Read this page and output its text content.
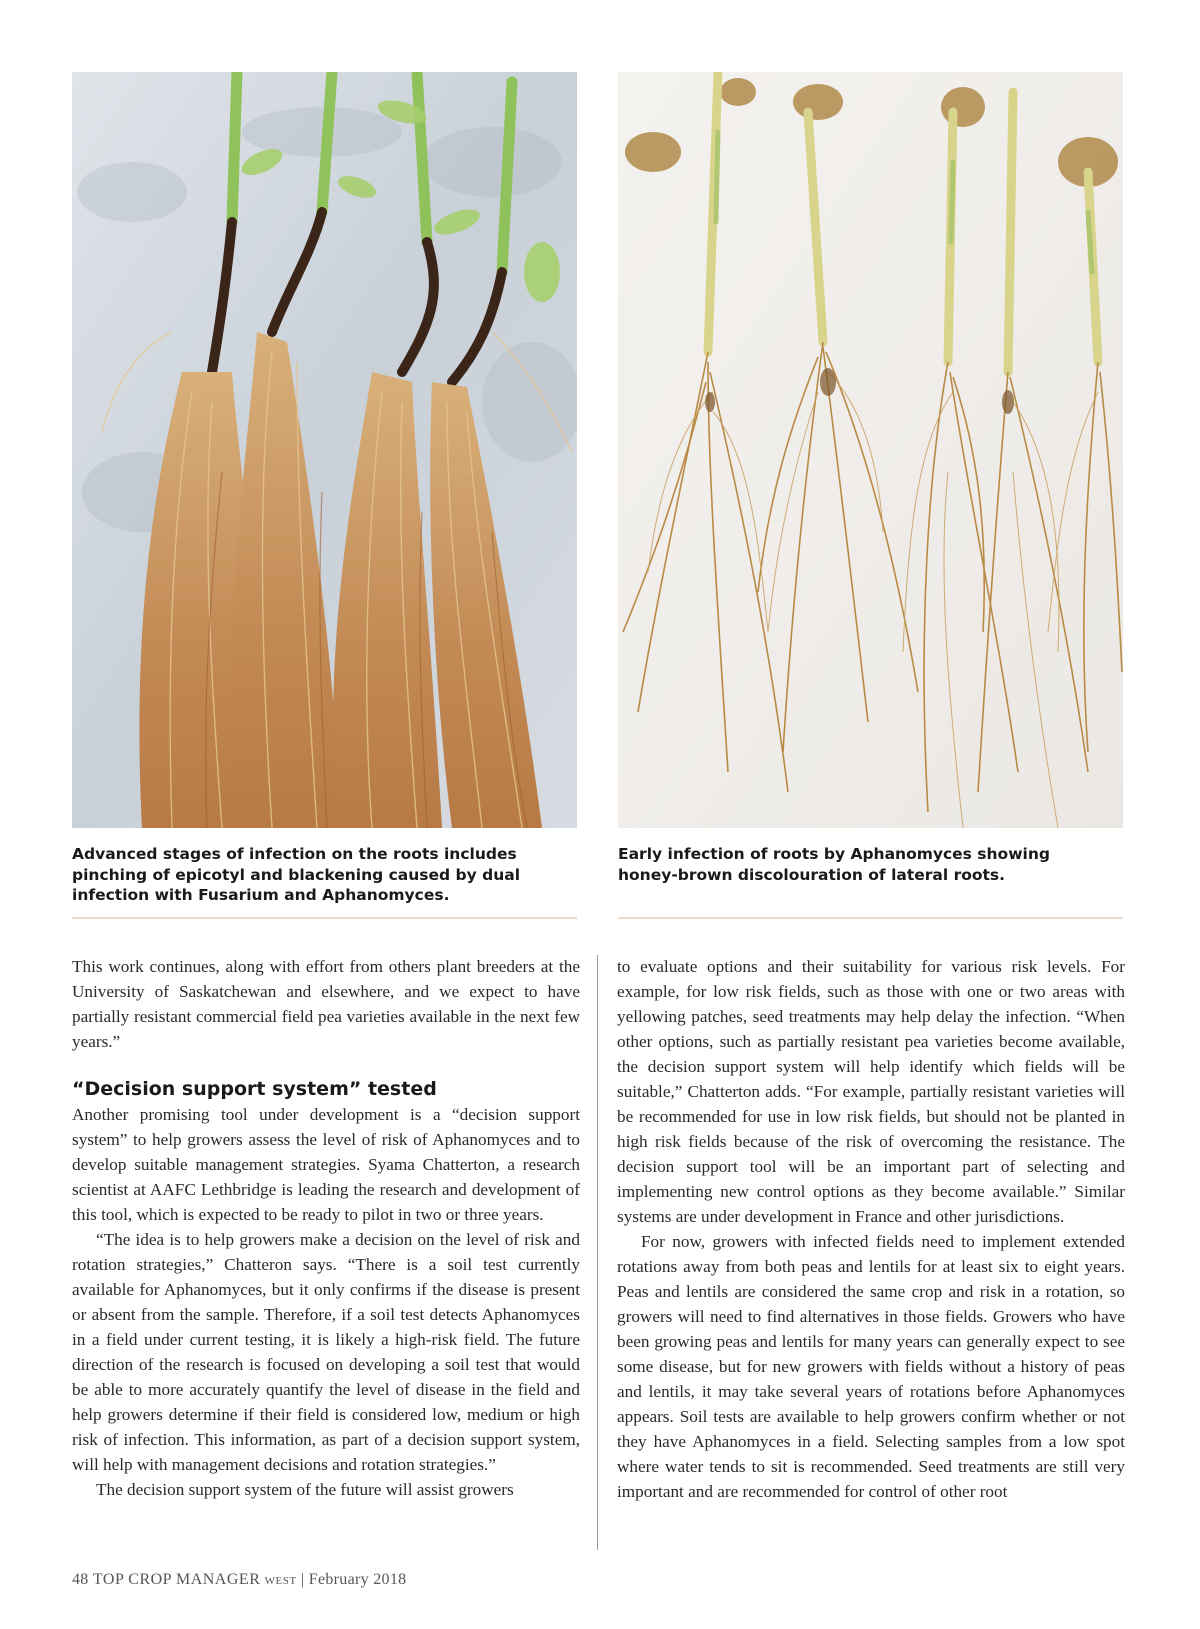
Advanced stages of infection on the roots includes pinching of epicotyl and blackening caused by dual infection with Fusarium and Aphanomyces.
Early infection of roots by Aphanomyces showing honey-brown discolouration of lateral roots.

This work continues, along with effort from others plant breeders at the University of Saskatchewan and elsewhere, and we expect to have partially resistant commercial field pea varieties available in the next few years.”

“Decision support system” tested

Another promising tool under development is a “decision support system” to help growers assess the level of risk of Aphanomyces and to develop suitable management strategies. Syama Chatterton, a research scientist at AAFC Lethbridge is leading the research and development of this tool, which is expected to be ready to pilot in two or three years.

“The idea is to help growers make a decision on the level of risk and rotation strategies,” Chatteron says. “There is a soil test currently available for Aphanomyces, but it only confirms if the disease is present or absent from the sample. Therefore, if a soil test detects Aphanomyces in a field under current testing, it is likely a high-risk field. The future direction of the research is focused on developing a soil test that would be able to more accurately quantify the level of disease in the field and help growers determine if their field is considered low, medium or high risk of infection. This information, as part of a decision support system, will help with management decisions and rotation strategies.”

The decision support system of the future will assist growers

to evaluate options and their suitability for various risk levels. For example, for low risk fields, such as those with one or two areas with yellowing patches, seed treatments may help delay the infection. “When other options, such as partially resistant pea varieties become available, the decision support system will help identify which fields will be suitable,” Chatterton adds. “For example, partially resistant varieties will be recommended for use in low risk fields, but should not be planted in high risk fields because of the risk of overcoming the resistance. The decision support tool will be an important part of selecting and implementing new control options as they become available.” Similar systems are under development in France and other jurisdictions.

For now, growers with infected fields need to implement extended rotations away from both peas and lentils for at least six to eight years. Peas and lentils are considered the same crop and risk in a rotation, so growers will need to find alternatives in those fields. Growers who have been growing peas and lentils for many years can generally expect to see some disease, but for new growers with fields without a history of peas and lentils, it may take several years of rotations before Aphanomyces appears. Soil tests are available to help growers confirm whether or not they have Aphanomyces in a field. Selecting samples from a low spot where water tends to sit is recommended. Seed treatments are still very important and are recommended for control of other root

48 TOP CROP MANAGER WEST | February 2018
